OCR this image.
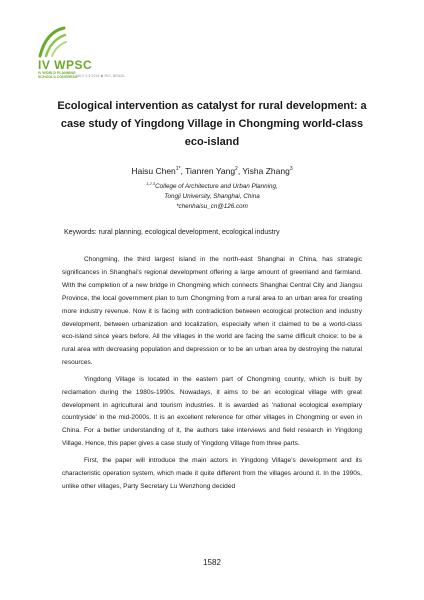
IV WPSC
IV WORLD PLANNING
SCHOOLS CONGRESS
JULY 4-8 2016 ✽ RIO, BRAZIL
Ecological intervention as catalyst for rural development: a
case study of Yingdong Village in Chongming world-class
eco-island
Haisu Chen$^{1*}$, Tianren Yang$^2$, Yisha Zhang$^3$
$^{1,2,3}$College of Architecture and Urban Planning,
Tongji University, Shanghai, China
*chenhaisu_cn@126.com
Keywords: rural planning, ecological development, ecological industry

Chongming, the third largest island in the north-east Shanghai in China, has strategic significances in Shanghai's regional development offering a large amount of greenland and farmland. With the completion of a new bridge in Chongming which connects Shanghai Central City and Jiangsu Province, the local government plan to turn Chongming from a rural area to an urban area for creating more industry revenue. Now it is facing with contradiction between ecological protection and industry development, between urbanization and localization, especially when it claimed to be a world-class eco-island since years before. All the villages in the world are facing the same difficult choice: to be a rural area with decreasing population and depression or to be an urban area by destroying the natural resources.

Yingdong Village is located in the eastern part of Chongming county, which is built by reclamation during the 1980s-1990s. Nowadays, it aims to be an ecological village with great development in agricultural and tourism industries. It is awarded as 'national ecological exemplary countryside' in the mid-2000s. It is an excellent reference for other villages in Chongming or even in China. For a better understanding of it, the authors take interviews and field research in Yingdong Village. Hence, this paper gives a case study of Yingdong Village from three parts.

First, the paper will introduce the main actors in Yingdong Village's development and its characteristic operation system, which made it quite different from the villages around it. In the 1990s, unlike other villages, Party Secretary Lu Wenzhong decided

1582
